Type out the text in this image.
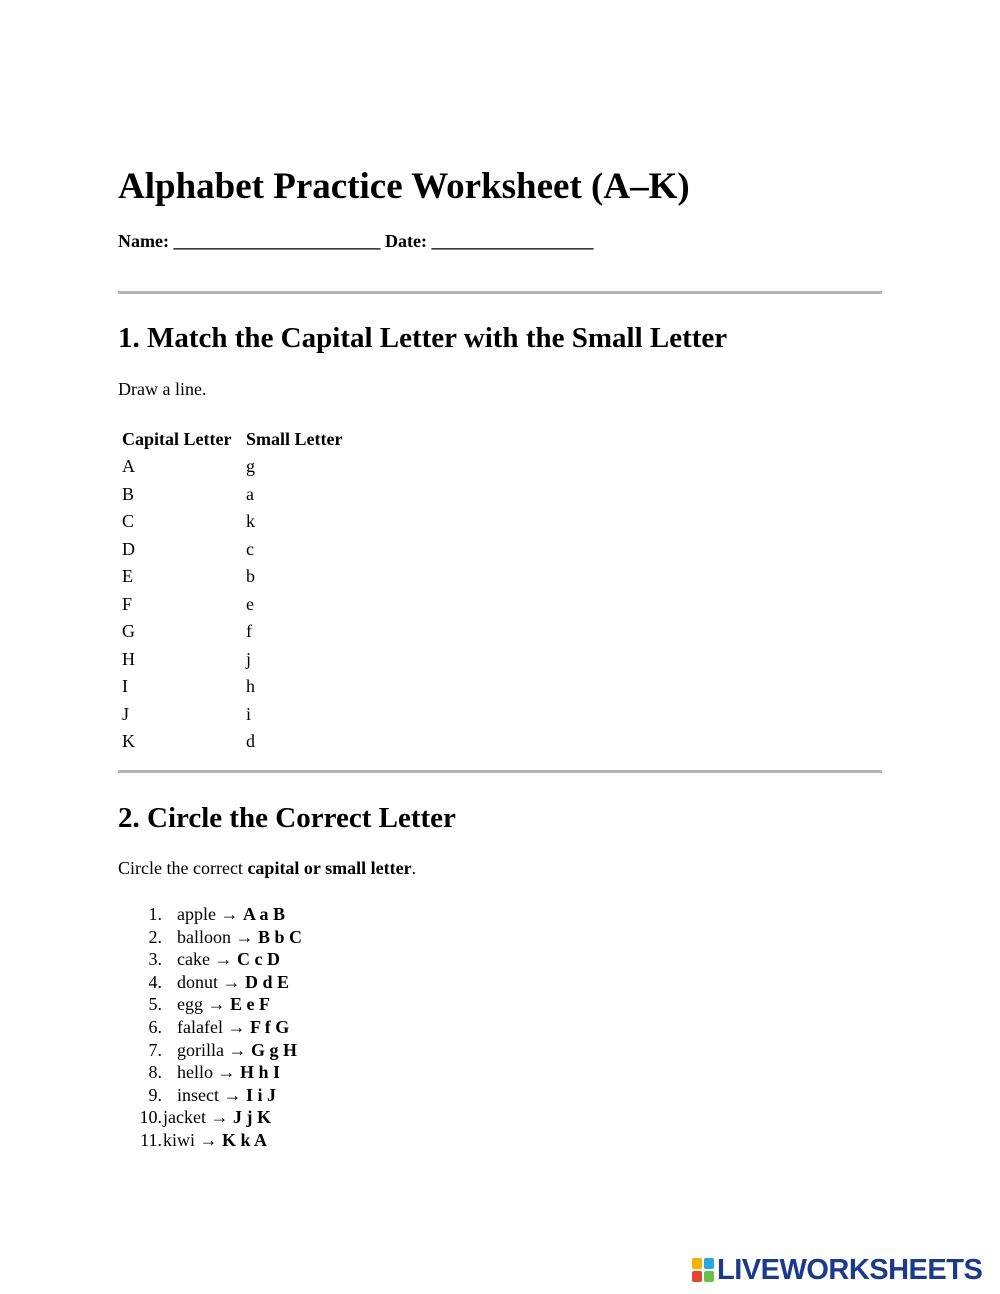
Alphabet Practice Worksheet (A–K)
Name: _______________________ Date: __________________
1. Match the Capital Letter with the Small Letter
Draw a line.
Capital Letter	Small Letter
A	g
B	a
C	k
D	c
E	b
F	e
G	f
H	j
I	h
J	i
K	d
2. Circle the Correct Letter
Circle the correct capital or small letter.
1. apple → A a B
2. balloon → B b C
3. cake → C c D
4. donut → D d E
5. egg → E e F
6. falafel → F f G
7. gorilla → G g H
8. hello → H h I
9. insect → I i J
10. jacket → J j K
11. kiwi → K k A
LIVEWORKSHEETS
